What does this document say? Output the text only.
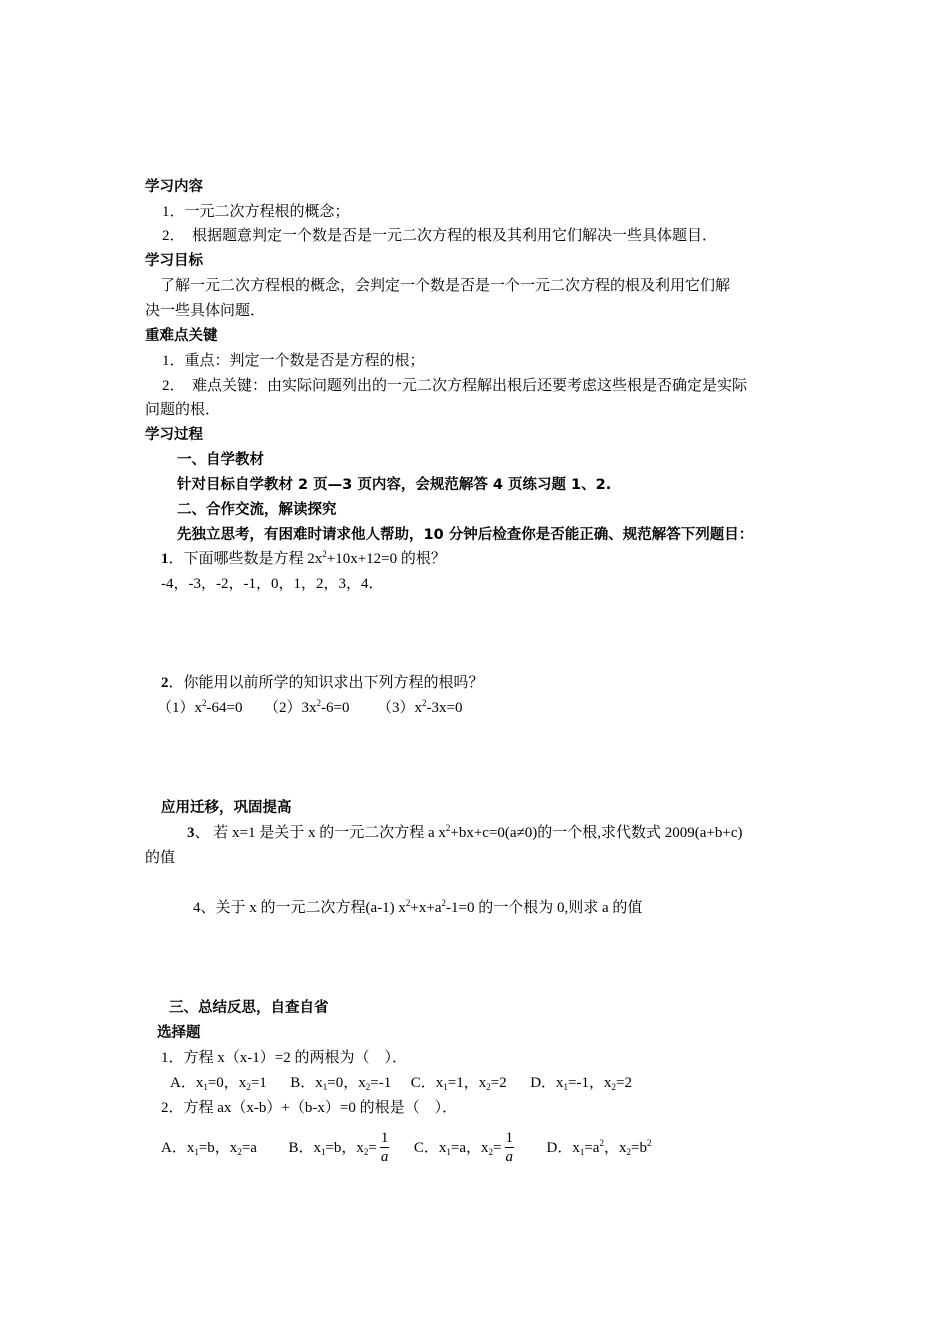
学习内容
1．一元二次方程根的概念；
2．　根据题意判定一个数是否是一元二次方程的根及其利用它们解决一些具体题目．
学习目标
了解一元二次方程根的概念，会判定一个数是否是一个一元二次方程的根及利用它们解
决一些具体问题．
重难点关键
1．重点：判定一个数是否是方程的根；
2．　难点关键：由实际问题列出的一元二次方程解出根后还要考虑这些根是否确定是实际
问题的根．
学习过程
一、自学教材
针对目标自学教材 2 页—3 页内容，会规范解答 4 页练习题 1、2.
二、合作交流，解读探究
先独立思考，有困难时请求他人帮助，10 分钟后检查你是否能正确、规范解答下列题目：
1．下面哪些数是方程 $2x^2+10x+12=0$ 的根？
-4，-3，-2，-1，0，1，2，3，4．
2．你能用以前所学的知识求出下列方程的根吗？
$(1)x^2-64=0$ $(2)3x^2-6=0$ $(3)x^2-3x=0$
应用迁移，巩固提高
3、 若 x=1 是关于 x 的一元二次方程 a $x^2+bx+c=0(a\ne 0)$的一个根,求代数式 2009(a+b+c)
的值
4、关于 x 的一元二次方程(a-1) $x^2+x+a^2-1=0$ 的一个根为 0,则求 a 的值
三、总结反思，自查自省
选择题
1．方程 x（x-1）=2 的两根为（　）．
A．$x_1=0$，$x_2=1$ B．$x_1=0$，$x_2=-1$ C．$x_1=1$，$x_2=2$ D．$x_1=-1$，$x_2=2$
2．方程 ax（x-b）+（b-x）=0 的根是（　）．
A．$x_1=b$，$x_2=a$ B．$x_1=b$，$x_2= \frac{1}{a}$ C．$x_1=a$，$x_2= \frac{1}{a}$ D．$x_1=a^2$，$x_2=b^2$
